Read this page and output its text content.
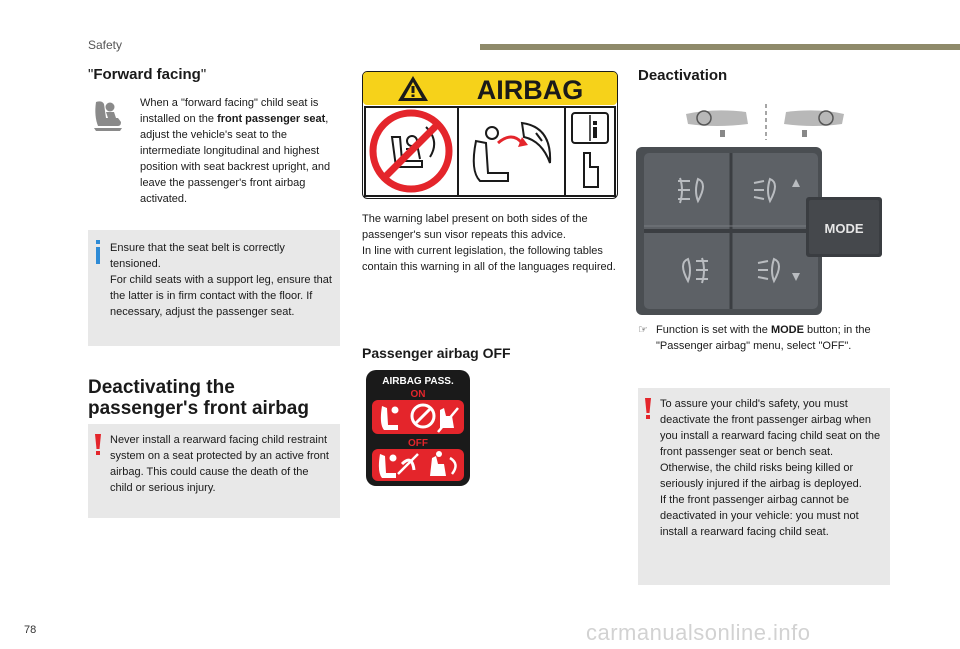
Safety
"Forward facing"
When a "forward facing" child seat is installed on the front passenger seat, adjust the vehicle's seat to the intermediate longitudinal and highest position with seat backrest upright, and leave the passenger's front airbag activated.
Ensure that the seat belt is correctly tensioned.
For child seats with a support leg, ensure that the latter is in firm contact with the floor. If necessary, adjust the passenger seat.
Deactivating the
passenger's front airbag
Never install a rearward facing child restraint system on a seat protected by an active front airbag. This could cause the death of the child or serious injury.
AIRBAG
The warning label present on both sides of the passenger's sun visor repeats this advice.
In line with current legislation, the following tables contain this warning in all of the languages required.
Passenger airbag OFF
AIRBAG PASS.
ON
OFF
Deactivation
MODE
☞ Function is set with the MODE button; in the "Passenger airbag" menu, select "OFF".
To assure your child's safety, you must deactivate the front passenger airbag when you install a rearward facing child seat on the front passenger seat or bench seat. Otherwise, the child risks being killed or seriously injured if the airbag is deployed.
If the front passenger airbag cannot be deactivated in your vehicle: you must not install a rearward facing child seat.
78	carmanualsonline.info
